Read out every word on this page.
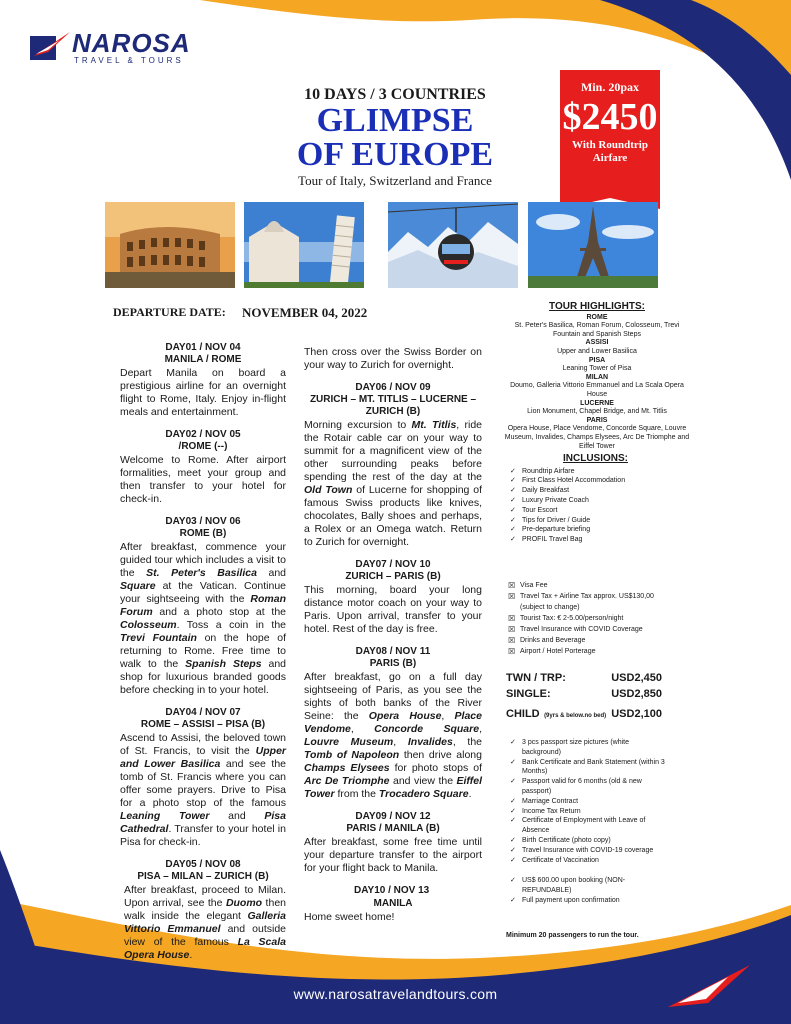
NAROSA
TRAVEL & TOURS
10 DAYS / 3 COUNTRIES
GLIMPSE
OF EUROPE
Tour of Italy, Switzerland and France
Min. 20pax
$2450
With Roundtrip
Airfare
DEPARTURE DATE: NOVEMBER 04, 2022
DAY01 / NOV 04
MANILA / ROME

Depart Manila on board a prestigious airline for an overnight flight to Rome, Italy. Enjoy in-flight meals and entertainment.

DAY02 / NOV 05
/ROME (--)

Welcome to Rome. After airport formalities, meet your group and then transfer to your hotel for check-in.

DAY03 / NOV 06
ROME (B)

After breakfast, commence your guided tour which includes a visit to the St. Peter's Basilica and Square at the Vatican. Continue your sightseeing with the Roman Forum and a photo stop at the Colosseum. Toss a coin in the Trevi Fountain on the hope of returning to Rome. Free time to walk to the Spanish Steps and shop for luxurious branded goods before checking in to your hotel.

DAY04 / NOV 07
ROME – ASSISI – PISA (B)

Ascend to Assisi, the beloved town of St. Francis, to visit the Upper and Lower Basilica and see the tomb of St. Francis where you can offer some prayers. Drive to Pisa for a photo stop of the famous Leaning Tower and Pisa Cathedral. Transfer to your hotel in Pisa for check-in.

DAY05 / NOV 08
PISA – MILAN – ZURICH (B)

After breakfast, proceed to Milan. Upon arrival, see the Duomo then walk inside the elegant Galleria Vittorio Emmanuel and outside view of the famous La Scala Opera House.

Then cross over the Swiss Border on your way to Zurich for overnight.

DAY06 / NOV 09
ZURICH – MT. TITLIS – LUCERNE –
ZURICH (B)

Morning excursion to Mt. Titlis, ride the Rotair cable car on your way to summit for a magnificent view of the other surrounding peaks before spending the rest of the day at the Old Town of Lucerne for shopping of famous Swiss products like knives, chocolates, Bally shoes and perhaps, a Rolex or an Omega watch. Return to Zurich for overnight.

DAY07 / NOV 10
ZURICH – PARIS (B)

This morning, board your long distance motor coach on your way to Paris. Upon arrival, transfer to your hotel. Rest of the day is free.

DAY08 / NOV 11
PARIS (B)

After breakfast, go on a full day sightseeing of Paris, as you see the sights of both banks of the River Seine: the Opera House, Place Vendome, Concorde Square, Louvre Museum, Invalides, the Tomb of Napoleon then drive along Champs Elysees for photo stops of Arc De Triomphe and view the Eiffel Tower from the Trocadero Square.

DAY09 / NOV 12
PARIS / MANILA (B)

After breakfast, some free time until your departure transfer to the airport for your flight back to Manila.

DAY10 / NOV 13
MANILA

Home sweet home!

TOUR HIGHLIGHTS:
ROME
St. Peter's Basilica, Roman Forum, Colosseum, Trevi Fountain and Spanish Steps
ASSISI
Upper and Lower Basilica
PISA
Leaning Tower of Pisa
MILAN
Doumo, Galleria Vittorio Emmanuel and La Scala Opera House
LUCERNE
Lion Monument, Chapel Bridge, and Mt. Titlis
PARIS
Opera House, Place Vendome, Concorde Square, Louvre Museum, Invalides, Champs Elysees, Arc De Triomphe and Eiffel Tower
INCLUSIONS:
✓ Roundtrip Airfare
✓ First Class Hotel Accommodation
✓ Daily Breakfast
✓ Luxury Private Coach
✓ Tour Escort
✓ Tips for Driver / Guide
✓ Pre-departure briefing
✓ PROFIL Travel Bag
☒ Visa Fee
☒ Travel Tax + Airline Tax approx. US$130,00 (subject to change)
☒ Tourist Tax: € 2-5.00/person/night
☒ Travel Insurance with COVID Coverage
☒ Drinks and Beverage
☒ Airport / Hotel Porterage
TWN / TRP:	USD2,450
SINGLE:	USD2,850
CHILD (9yrs & below.no bed) USD2,100
✓ 3 pcs passport size pictures (white background)
✓ Bank Certificate and Bank Statement (within 3 Months)
✓ Passport valid for 6 months (old & new passport)
✓ Marriage Contract
✓ Income Tax Return
✓ Certificate of Employment with Leave of Absence
✓ Birth Certificate (photo copy)
✓ Travel Insurance with COVID-19 coverage
✓ Certificate of Vaccination
✓ US$ 600.00 upon booking (NON-REFUNDABLE)
✓ Full payment upon confirmation
Minimum 20 passengers to run the tour.
www.narosatravelandtours.com
